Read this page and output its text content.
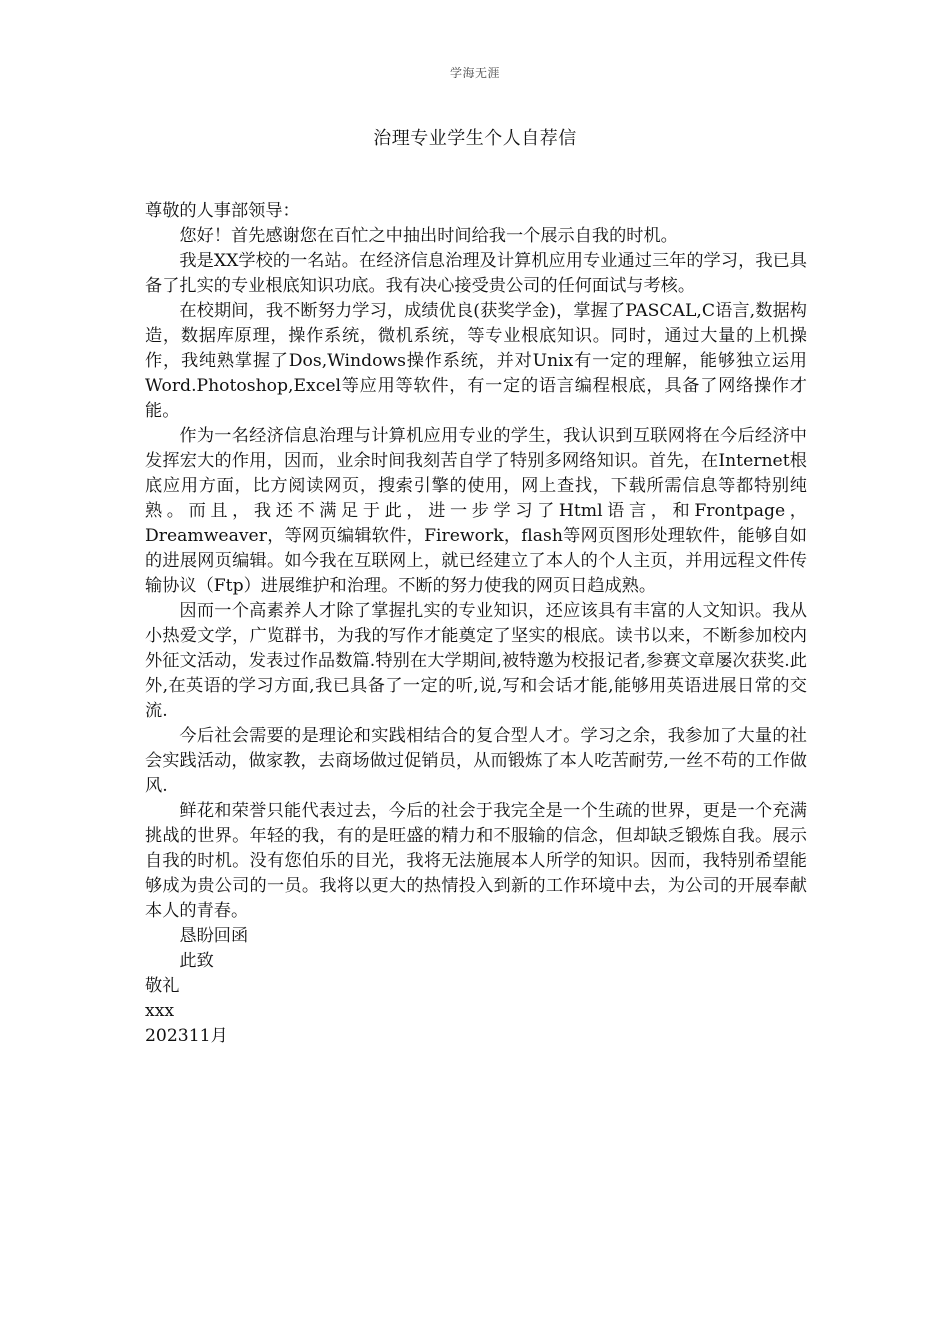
学海无涯
治理专业学生个人自荐信

尊敬的人事部领导：

您好！首先感谢您在百忙之中抽出时间给我一个展示自我的时机。

我是XX学校的一名站。在经济信息治理及计算机应用专业通过三年的学习，我已具备了扎实的专业根底知识功底。我有决心接受贵公司的任何面试与考核。

在校期间，我不断努力学习，成绩优良(获奖学金)，掌握了PASCAL,C语言,数据构造，数据库原理，操作系统，微机系统，等专业根底知识。同时，通过大量的上机操作，我纯熟掌握了Dos,Windows操作系统，并对Unix有一定的理解，能够独立运用Word.Photoshop,Excel等应用等软件，有一定的语言编程根底，具备了网络操作才能。

作为一名经济信息治理与计算机应用专业的学生，我认识到互联网将在今后经济中发挥宏大的作用，因而，业余时间我刻苦自学了特别多网络知识。首先，在Internet根底应用方面，比方阅读网页，搜索引擎的使用，网上查找，下载所需信息等都特别纯熟。而且，我还不满足于此，进一步学习了Html语言，和Frontpage，Dreamweaver，等网页编辑软件，Firework，flash等网页图形处理软件，能够自如的进展网页编辑。如今我在互联网上，就已经建立了本人的个人主页，并用远程文件传输协议（Ftp）进展维护和治理。不断的努力使我的网页日趋成熟。

因而一个高素养人才除了掌握扎实的专业知识，还应该具有丰富的人文知识。我从小热爱文学，广览群书，为我的写作才能奠定了坚实的根底。读书以来，不断参加校内外征文活动，发表过作品数篇.特别在大学期间,被特邀为校报记者,参赛文章屡次获奖.此外,在英语的学习方面,我已具备了一定的听,说,写和会话才能,能够用英语进展日常的交流.

今后社会需要的是理论和实践相结合的复合型人才。学习之余，我参加了大量的社会实践活动，做家教，去商场做过促销员，从而锻炼了本人吃苦耐劳,一丝不苟的工作做风.

鲜花和荣誉只能代表过去，今后的社会于我完全是一个生疏的世界，更是一个充满挑战的世界。年轻的我，有的是旺盛的精力和不服输的信念，但却缺乏锻炼自我。展示自我的时机。没有您伯乐的目光，我将无法施展本人所学的知识。因而，我特别希望能够成为贵公司的一员。我将以更大的热情投入到新的工作环境中去，为公司的开展奉献本人的青春。

恳盼回函

此致

敬礼

xxx

202311月
